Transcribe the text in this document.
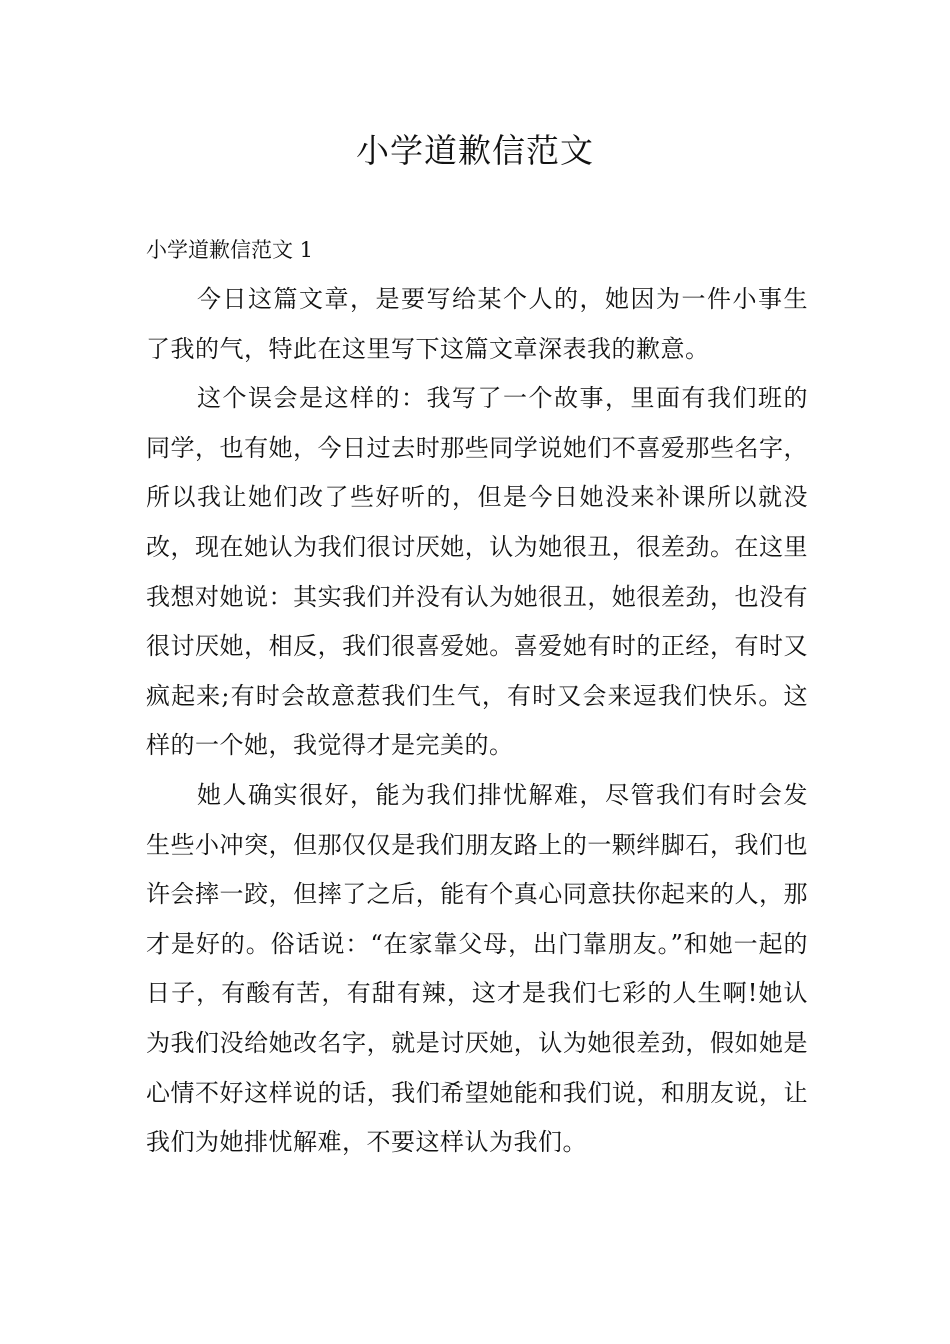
小学道歉信范文
小学道歉信范文 1

今日这篇文章，是要写给某个人的，她因为一件小事生了我的气，特此在这里写下这篇文章深表我的歉意。

这个误会是这样的：我写了一个故事，里面有我们班的同学，也有她，今日过去时那些同学说她们不喜爱那些名字，所以我让她们改了些好听的，但是今日她没来补课所以就没改，现在她认为我们很讨厌她，认为她很丑，很差劲。在这里我想对她说：其实我们并没有认为她很丑，她很差劲，也没有很讨厌她，相反，我们很喜爱她。喜爱她有时的正经，有时又疯起来;有时会故意惹我们生气，有时又会来逗我们快乐。这样的一个她，我觉得才是完美的。

她人确实很好，能为我们排忧解难，尽管我们有时会发生些小冲突，但那仅仅是我们朋友路上的一颗绊脚石，我们也许会摔一跤，但摔了之后，能有个真心同意扶你起来的人，那才是好的。俗话说：“在家靠父母，出门靠朋友。”和她一起的日子，有酸有苦，有甜有辣，这才是我们七彩的人生啊!她认为我们没给她改名字，就是讨厌她，认为她很差劲，假如她是心情不好这样说的话，我们希望她能和我们说，和朋友说，让我们为她排忧解难，不要这样认为我们。
